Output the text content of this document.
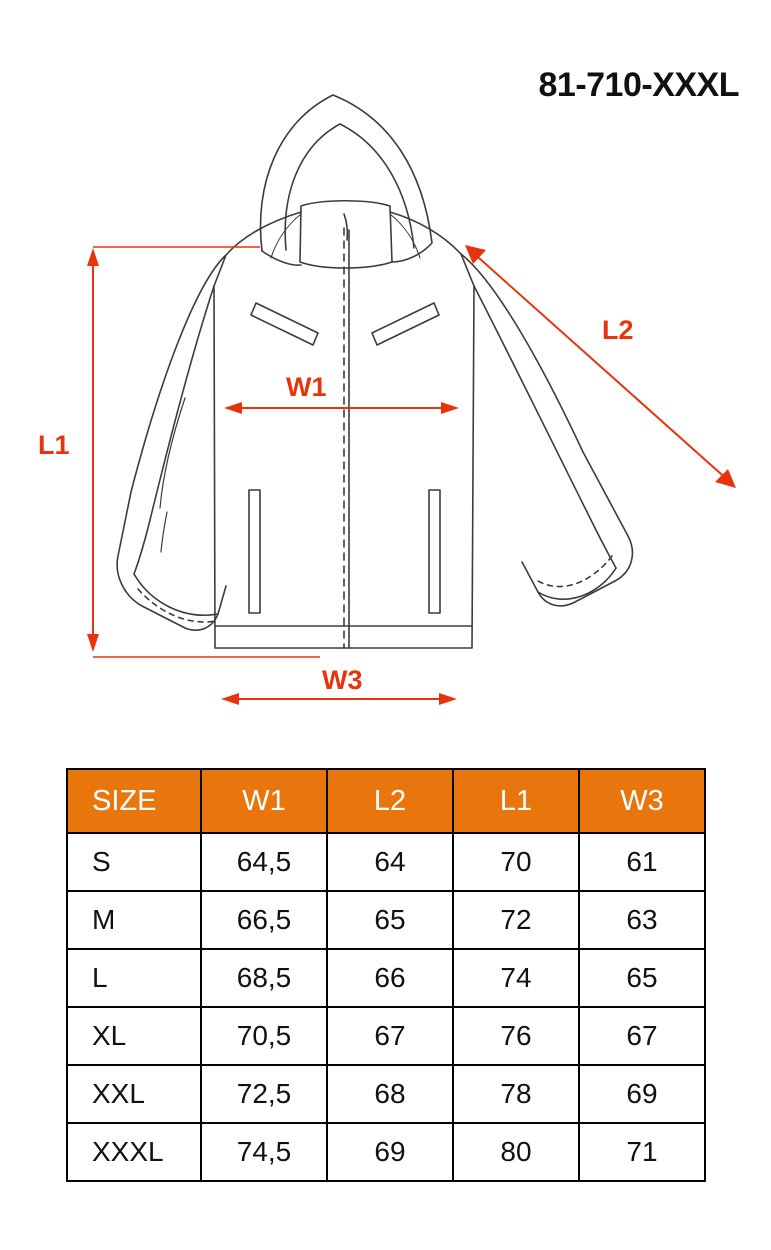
81-710-XXXL
L1
L2
W1
W3
SIZE	W1	L2	L1	W3
S	64,5	64	70	61
M	66,5	65	72	63
L	68,5	66	74	65
XL	70,5	67	76	67
XXL	72,5	68	78	69
XXXL	74,5	69	80	71
